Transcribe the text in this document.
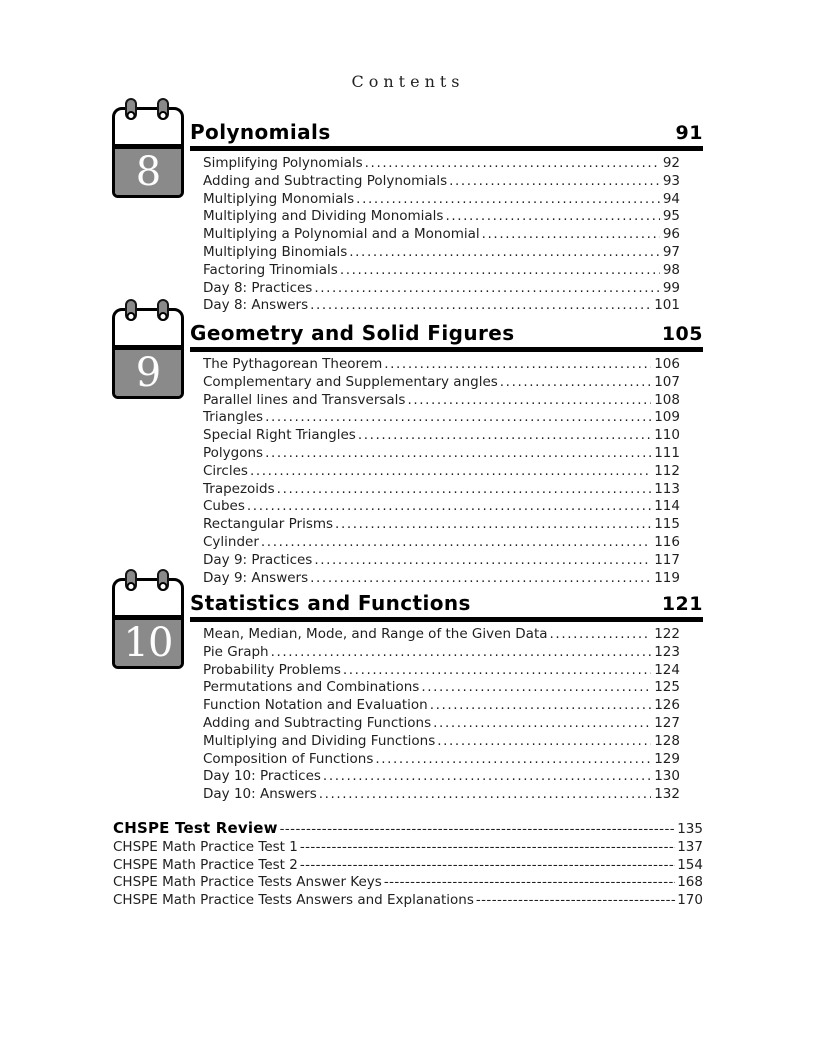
Contents
8
Polynomials	91
Simplifying Polynomials .....	92
Adding and Subtracting Polynomials .....	93
Multiplying Monomials .....	94
Multiplying and Dividing Monomials .....	95
Multiplying a Polynomial and a Monomial .....	96
Multiplying Binomials .....	97
Factoring Trinomials .....	98
Day 8: Practices .....	99
Day 8: Answers .....	101
9
Geometry and Solid Figures	105
The Pythagorean Theorem .....	106
Complementary and Supplementary angles .....	107
Parallel lines and Transversals .....	108
Triangles .....	109
Special Right Triangles .....	110
Polygons .....	111
Circles .....	112
Trapezoids .....	113
Cubes .....	114
Rectangular Prisms .....	115
Cylinder .....	116
Day 9: Practices .....	117
Day 9: Answers .....	119
10
Statistics and Functions	121
Mean, Median, Mode, and Range of the Given Data .....	122
Pie Graph .....	123
Probability Problems .....	124
Permutations and Combinations .....	125
Function Notation and Evaluation .....	126
Adding and Subtracting Functions .....	127
Multiplying and Dividing Functions .....	128
Composition of Functions .....	129
Day 10: Practices .....	130
Day 10: Answers .....	132
CHSPE Test Review -----	135
CHSPE Math Practice Test 1 -----	137
CHSPE Math Practice Test 2 -----	154
CHSPE Math Practice Tests Answer Keys -----	168
CHSPE Math Practice Tests Answers and Explanations -----	170
